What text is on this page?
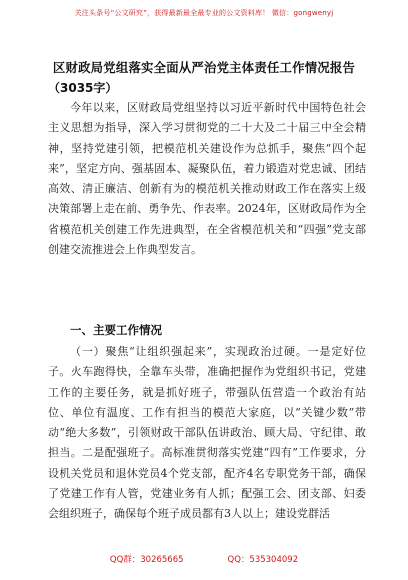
关注头条号“公文研究”，获得最新最全最专业的公文资料库！ 微信：gongwenyj
区财政局党组落实全面从严治党主体责任工作情况报告
（3035字）
今年以来，区财政局党组坚持以习近平新时代中国特色社会主义思想为指导，深入学习贯彻党的二十大及二十届三中全会精神，坚持党建引领，把模范机关建设作为总抓手，聚焦“四个起来”，坚定方向、强基固本、凝聚队伍，着力锻造对党忠诚、团结高效、清正廉洁、创新有为的模范机关推动财政工作在落实上级决策部署上走在前、勇争先、作表率。2024年，区财政局作为全省模范机关创建工作先进典型，在全省模范机关和“四强”党支部创建交流推进会上作典型发言。
一、主要工作情况
（一）聚焦“让组织强起来”，实现政治过硬。一是定好位子。火车跑得快，全靠车头带，准确把握作为党组织书记，党建工作的主要任务，就是抓好班子，带强队伍营造一个政治有站位、单位有温度、工作有担当的模范大家庭，以“关键少数”带动“绝大多数”，引领财政干部队伍讲政治、顾大局、守纪律、敢担当。二是配强班子。高标准贯彻落实党建“四有”工作要求，分设机关党员和退休党员4个党支部，配齐4名专职党务干部，确保了党建工作有人管，党建业务有人抓；配强工会、团支部、妇委会组织班子，确保每个班子成员都有3人以上；建设党群活
QQ群：30265665	QQ：535304092
